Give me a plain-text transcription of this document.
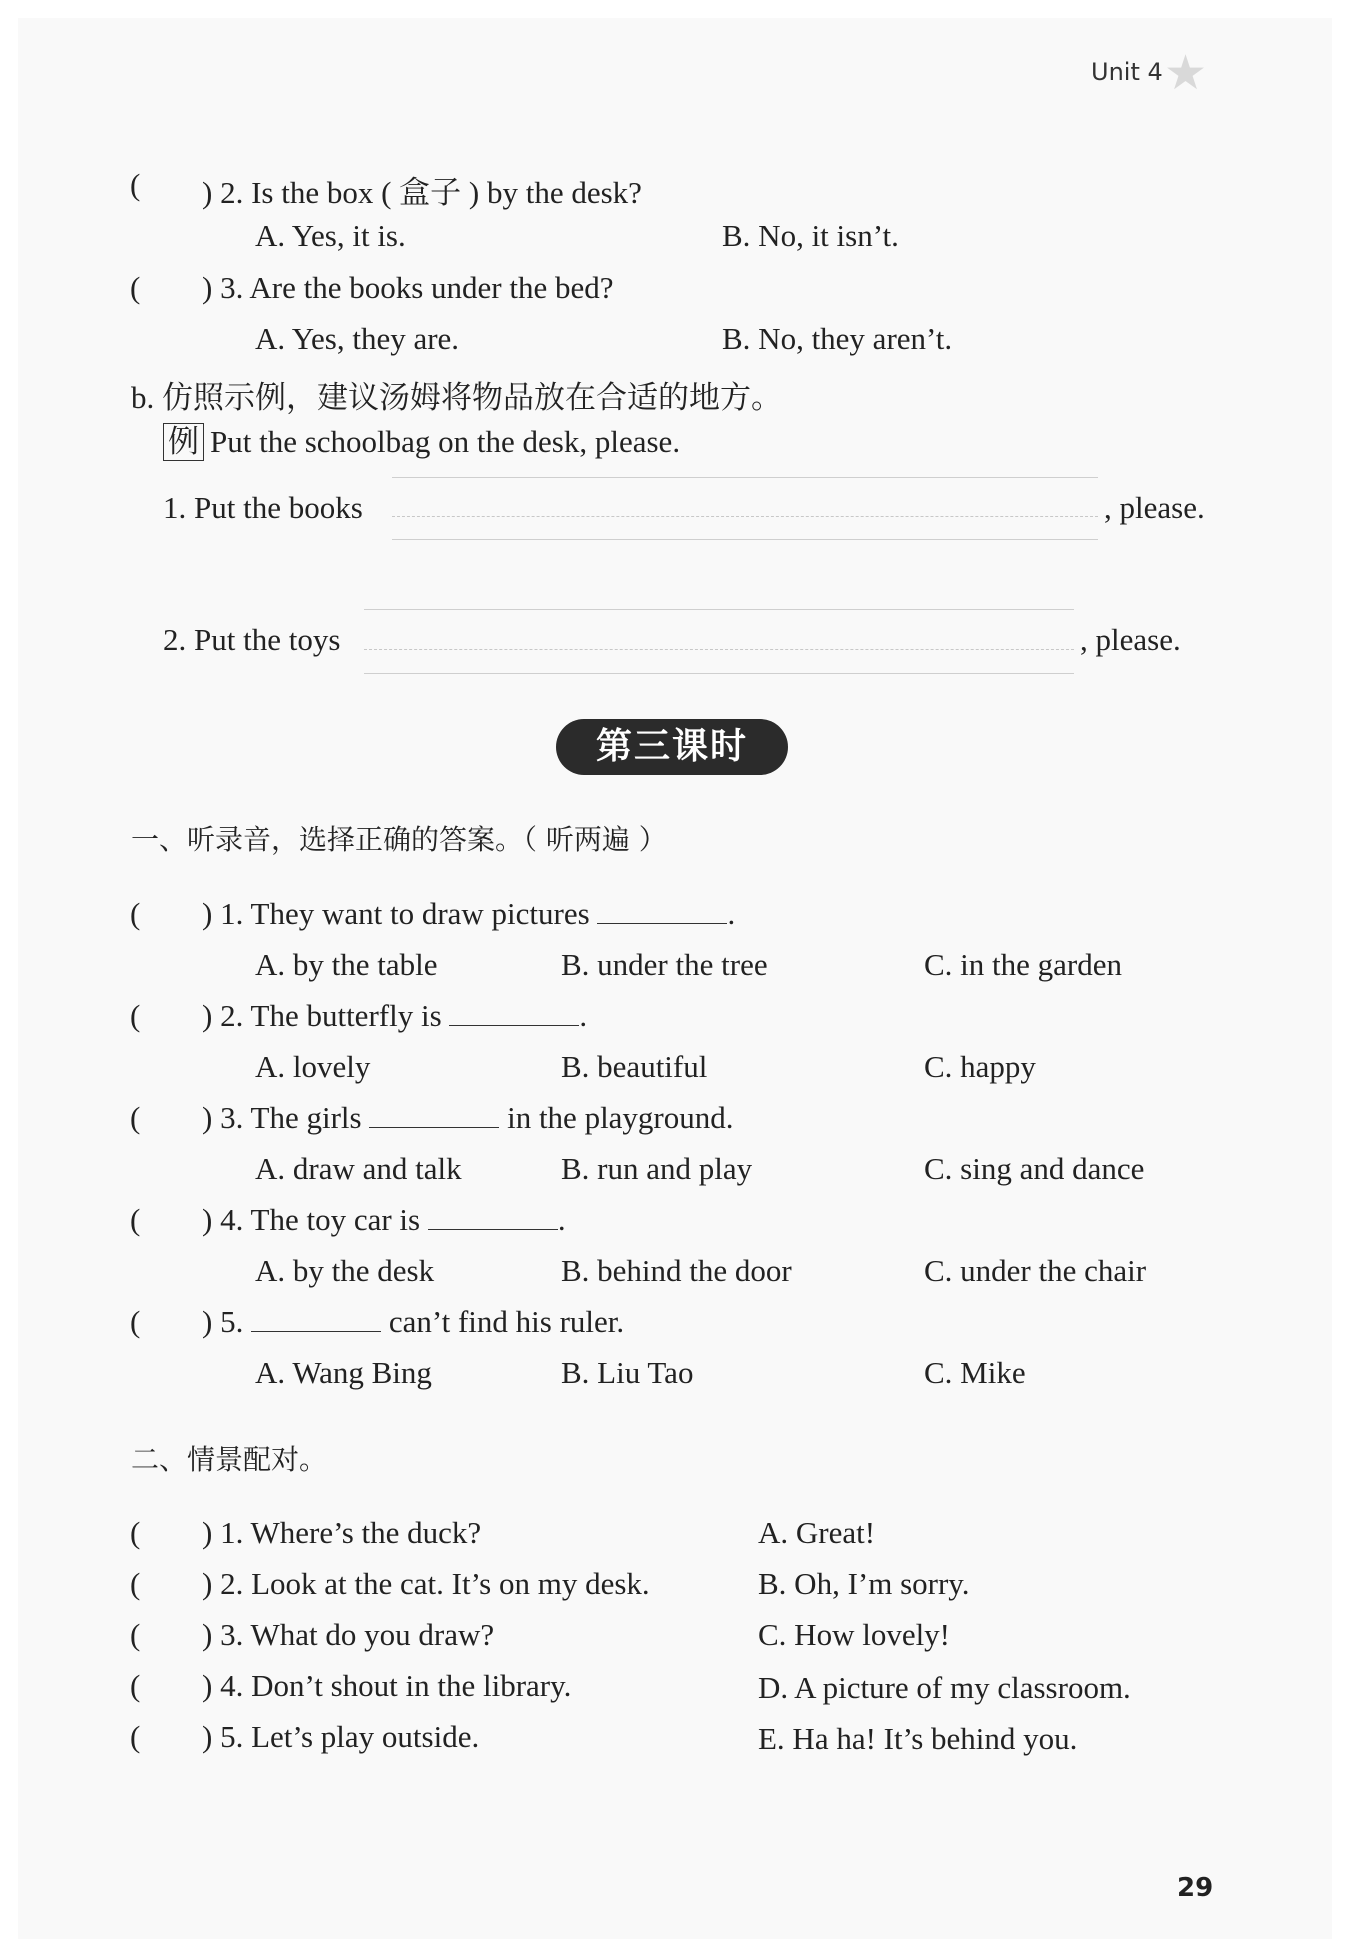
Unit 4 ★
( ) 2. Is the box ( 盒子 ) by the desk?
A. Yes, it is.	B. No, it isn’t.
( ) 3. Are the books under the bed?
A. Yes, they are.	B. No, they aren’t.
b. 仿照示例，建议汤姆将物品放在合适的地方。
例 Put the schoolbag on the desk, please.
1. Put the books	, please.
2. Put the toys	, please.
第三课时
一、听录音，选择正确的答案。（ 听两遍 ）
( ) 1. They want to draw pictures	.
A. by the table	B. under the tree	C. in the garden
( ) 2. The butterfly is	.
A. lovely	B. beautiful	C. happy
( ) 3. The girls	in the playground.
A. draw and talk	B. run and play	C. sing and dance
( ) 4. The toy car is	.
A. by the desk	B. behind the door	C. under the chair
( ) 5.	can’t find his ruler.
A. Wang Bing	B. Liu Tao	C. Mike
二、情景配对。
( ) 1. Where’s the duck?	A. Great!
( ) 2. Look at the cat. It’s on my desk.	B. Oh, I’m sorry.
( ) 3. What do you draw?	C. How lovely!
( ) 4. Don’t shout in the library.	D. A picture of my classroom.
( ) 5. Let’s play outside.	E. Ha ha! It’s behind you.
29
